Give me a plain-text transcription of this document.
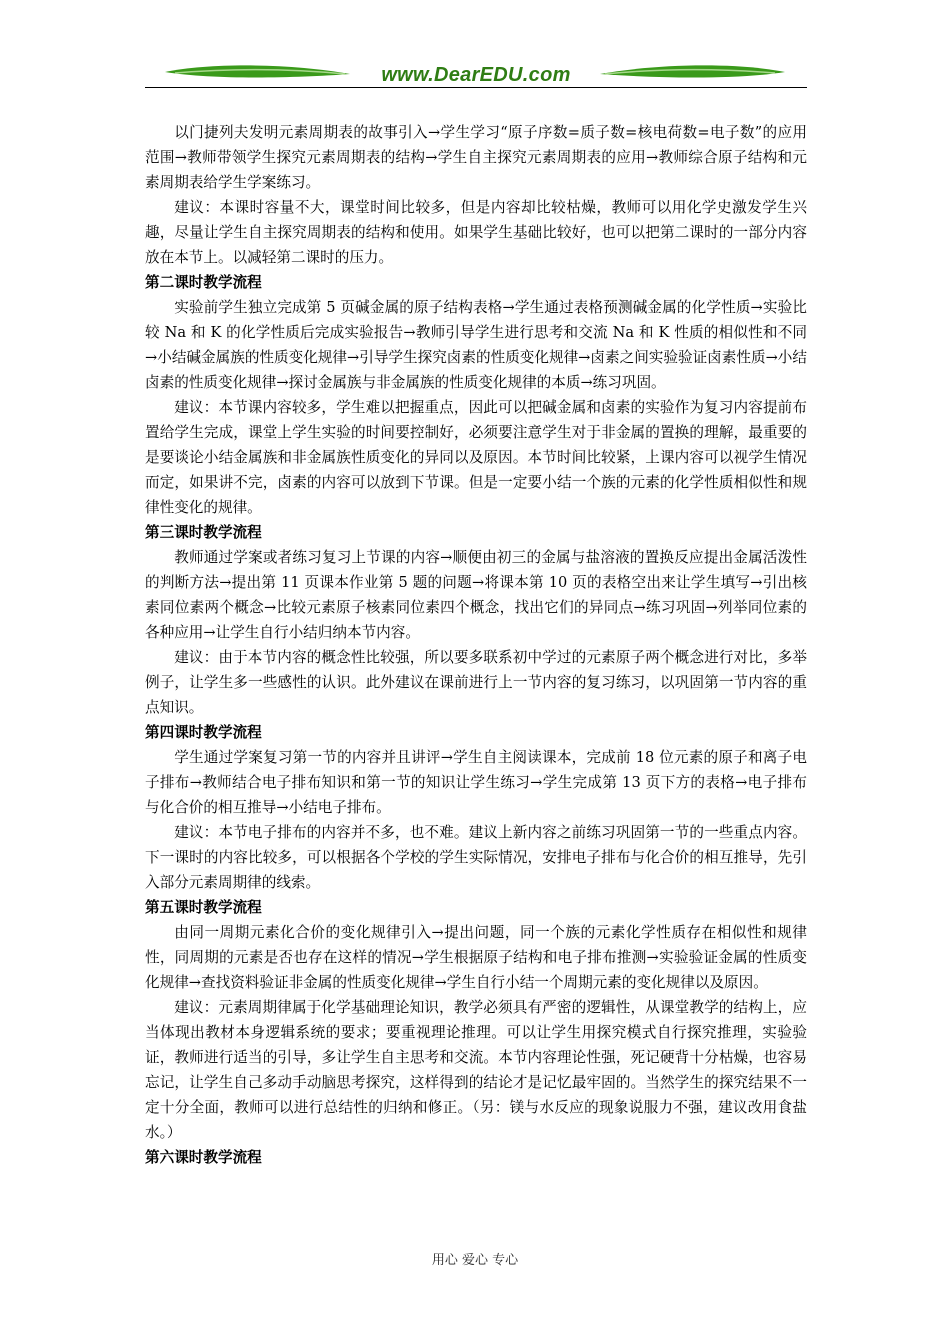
www.DearEDU.com

以门捷列夫发明元素周期表的故事引入→学生学习“原子序数=质子数=核电荷数=电子数”的应用范围→教师带领学生探究元素周期表的结构→学生自主探究元素周期表的应用→教师综合原子结构和元素周期表给学生学案练习。

建议：本课时容量不大，课堂时间比较多，但是内容却比较枯燥，教师可以用化学史激发学生兴趣，尽量让学生自主探究周期表的结构和使用。如果学生基础比较好，也可以把第二课时的一部分内容放在本节上。以减轻第二课时的压力。

第二课时教学流程

实验前学生独立完成第 5 页碱金属的原子结构表格→学生通过表格预测碱金属的化学性质→实验比较 Na 和 K 的化学性质后完成实验报告→教师引导学生进行思考和交流 Na 和 K 性质的相似性和不同→小结碱金属族的性质变化规律→引导学生探究卤素的性质变化规律→卤素之间实验验证卤素性质→小结卤素的性质变化规律→探讨金属族与非金属族的性质变化规律的本质→练习巩固。

建议：本节课内容较多，学生难以把握重点，因此可以把碱金属和卤素的实验作为复习内容提前布置给学生完成，课堂上学生实验的时间要控制好，必须要注意学生对于非金属的置换的理解，最重要的是要谈论小结金属族和非金属族性质变化的异同以及原因。本节时间比较紧，上课内容可以视学生情况而定，如果讲不完，卤素的内容可以放到下节课。但是一定要小结一个族的元素的化学性质相似性和规律性变化的规律。

第三课时教学流程

教师通过学案或者练习复习上节课的内容→顺便由初三的金属与盐溶液的置换反应提出金属活泼性的判断方法→提出第 11 页课本作业第 5 题的问题→将课本第 10 页的表格空出来让学生填写→引出核素同位素两个概念→比较元素原子核素同位素四个概念，找出它们的异同点→练习巩固→列举同位素的各种应用→让学生自行小结归纳本节内容。

建议：由于本节内容的概念性比较强，所以要多联系初中学过的元素原子两个概念进行对比，多举例子，让学生多一些感性的认识。此外建议在课前进行上一节内容的复习练习，以巩固第一节内容的重点知识。

第四课时教学流程

学生通过学案复习第一节的内容并且讲评→学生自主阅读课本，完成前 18 位元素的原子和离子电子排布→教师结合电子排布知识和第一节的知识让学生练习→学生完成第 13 页下方的表格→电子排布与化合价的相互推导→小结电子排布。

建议：本节电子排布的内容并不多，也不难。建议上新内容之前练习巩固第一节的一些重点内容。下一课时的内容比较多，可以根据各个学校的学生实际情况，安排电子排布与化合价的相互推导，先引入部分元素周期律的线索。

第五课时教学流程

由同一周期元素化合价的变化规律引入→提出问题，同一个族的元素化学性质存在相似性和规律性，同周期的元素是否也存在这样的情况→学生根据原子结构和电子排布推测→实验验证金属的性质变化规律→查找资料验证非金属的性质变化规律→学生自行小结一个周期元素的变化规律以及原因。

建议：元素周期律属于化学基础理论知识，教学必须具有严密的逻辑性，从课堂教学的结构上，应当体现出教材本身逻辑系统的要求；要重视理论推理。可以让学生用探究模式自行探究推理，实验验证，教师进行适当的引导，多让学生自主思考和交流。本节内容理论性强，死记硬背十分枯燥，也容易忘记，让学生自己多动手动脑思考探究，这样得到的结论才是记忆最牢固的。当然学生的探究结果不一定十分全面，教师可以进行总结性的归纳和修正。（另：镁与水反应的现象说服力不强，建议改用食盐水。）

第六课时教学流程
用心 爱心 专心
